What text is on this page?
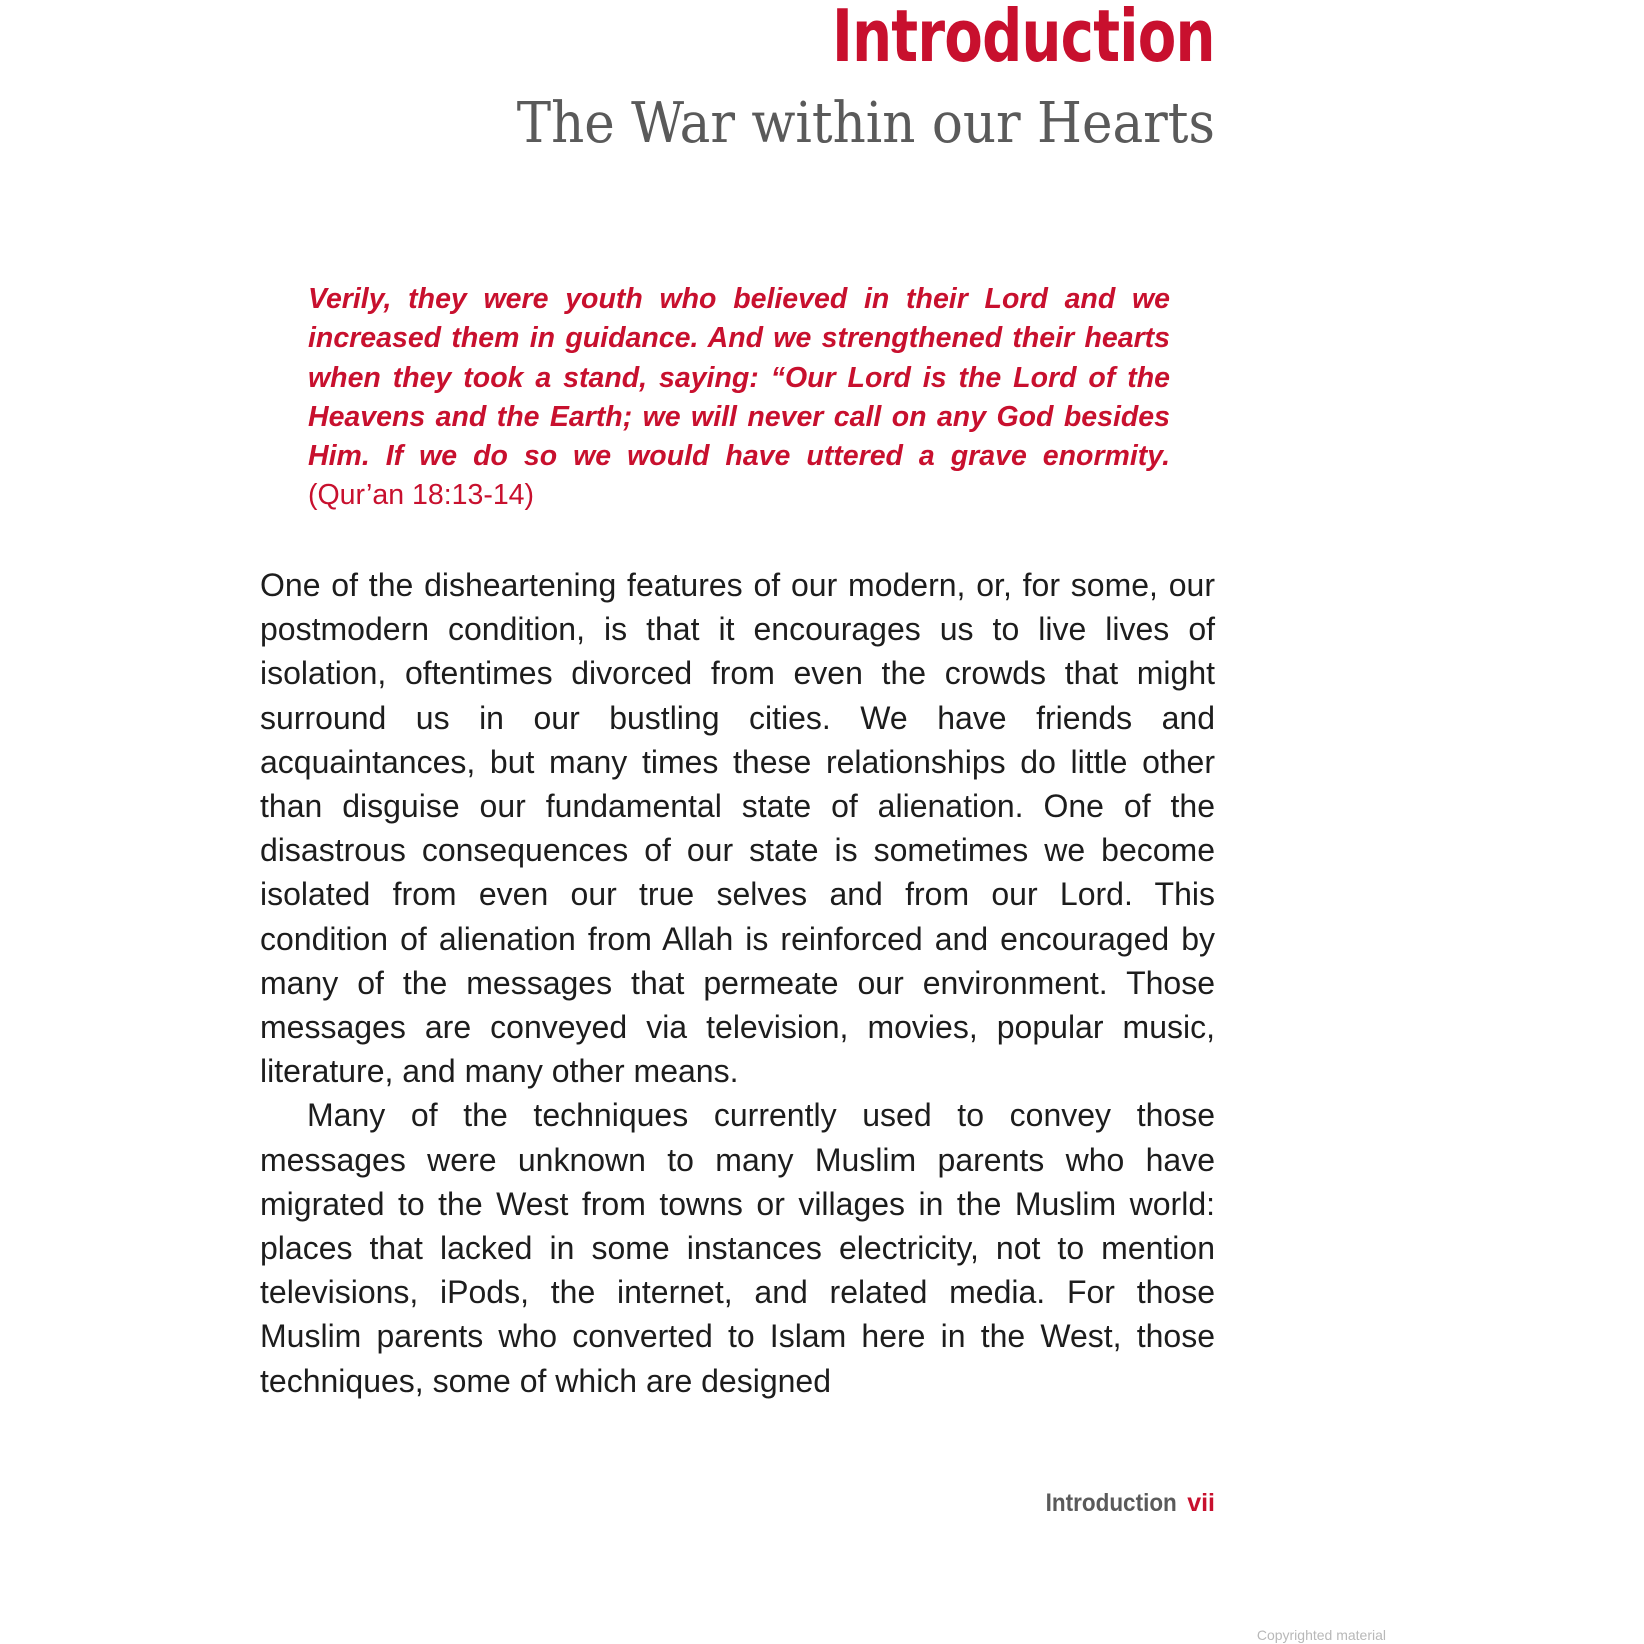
Introduction
The War within our Hearts
Verily, they were youth who believed in their Lord and we increased them in guidance. And we strengthened their hearts when they took a stand, saying: “Our Lord is the Lord of the Heavens and the Earth; we will never call on any God besides Him. If we do so we would have uttered a grave enormity. (Qur’an 18:13-14)

One of the disheartening features of our modern, or, for some, our postmodern condition, is that it encourages us to live lives of isolation, oftentimes divorced from even the crowds that might surround us in our bustling cities. We have friends and acquaintances, but many times these relationships do little other than disguise our fundamental state of alienation. One of the disastrous consequences of our state is sometimes we become isolated from even our true selves and from our Lord. This condition of alienation from Allah is reinforced and encouraged by many of the messages that permeate our environment. Those messages are conveyed via television, movies, popular music, literature, and many other means.

Many of the techniques currently used to convey those messages were unknown to many Muslim parents who have migrated to the West from towns or villages in the Muslim world: places that lacked in some instances electricity, not to mention televisions, iPods, the internet, and related media. For those Muslim parents who converted to Islam here in the West, those techniques, some of which are designed

Introduction vii
Copyrighted material
